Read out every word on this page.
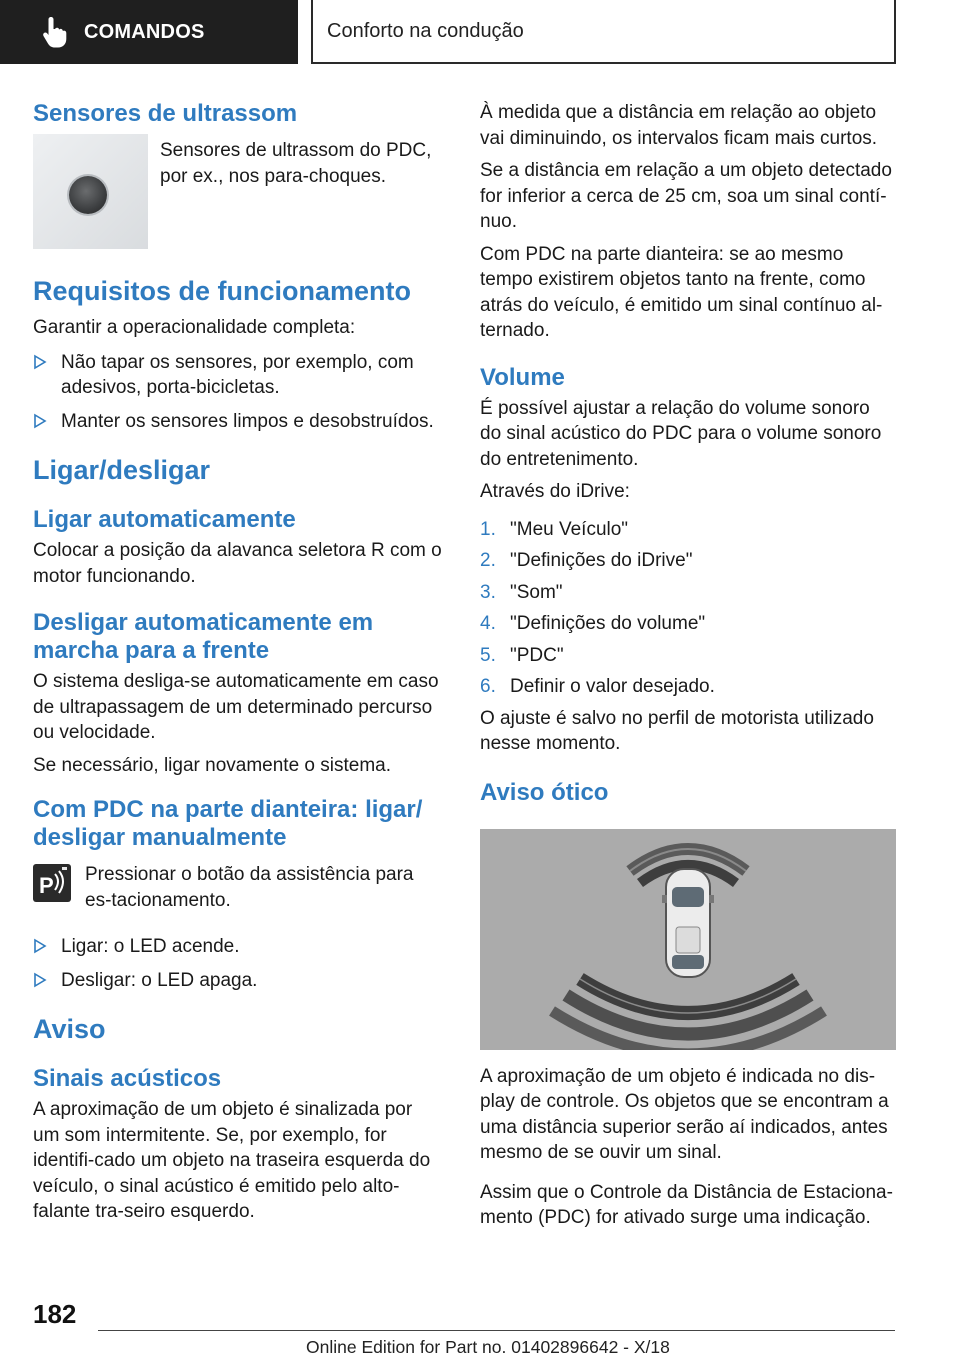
COMANDOS	Conforto na condução
Sensores de ultrassom

Sensores de ultrassom do PDC, por ex., nos para-choques.

Requisitos de funcionamento

Garantir a operacionalidade completa:

Não tapar os sensores, por exemplo, com adesivos, porta-bicicletas.
Manter os sensores limpos e desobstruídos.
Ligar/desligar
Ligar automaticamente

Colocar a posição da alavanca seletora R com o motor funcionando.

Desligar automaticamente em marcha para a frente

O sistema desliga-se automaticamente em caso de ultrapassagem de um determinado percurso ou velocidade.

Se necessário, ligar novamente o sistema.

Com PDC na parte dianteira: ligar/ desligar manualmente
P Pressionar o botão da assistência para es-tacionamento.

Ligar: o LED acende.
Desligar: o LED apaga.
Aviso
Sinais acústicos

A aproximação de um objeto é sinalizada por um som intermitente. Se, por exemplo, for identifi-cado um objeto na traseira esquerda do veículo, o sinal acústico é emitido pelo alto-falante tra-seiro esquerdo.

À medida que a distância em relação ao objeto vai diminuindo, os intervalos ficam mais curtos.

Se a distância em relação a um objeto detectado for inferior a cerca de 25 cm, soa um sinal contí-nuo.

Com PDC na parte dianteira: se ao mesmo tempo existirem objetos tanto na frente, como atrás do veículo, é emitido um sinal contínuo al-ternado.

Volume

É possível ajustar a relação do volume sonoro do sinal acústico do PDC para o volume sonoro do entretenimento.

Através do iDrive:

1. "Meu Veículo"
2. "Definições do iDrive"
3. "Som"
4. "Definições do volume"
5. "PDC"
6. Definir o valor desejado.

O ajuste é salvo no perfil de motorista utilizado nesse momento.

Aviso ótico

A aproximação de um objeto é indicada no dis-play de controle. Os objetos que se encontram a uma distância superior serão aí indicados, antes mesmo de se ouvir um sinal.

Assim que o Controle da Distância de Estaciona-mento (PDC) for ativado surge uma indicação.

182
Online Edition for Part no. 01402896642 - X/18
